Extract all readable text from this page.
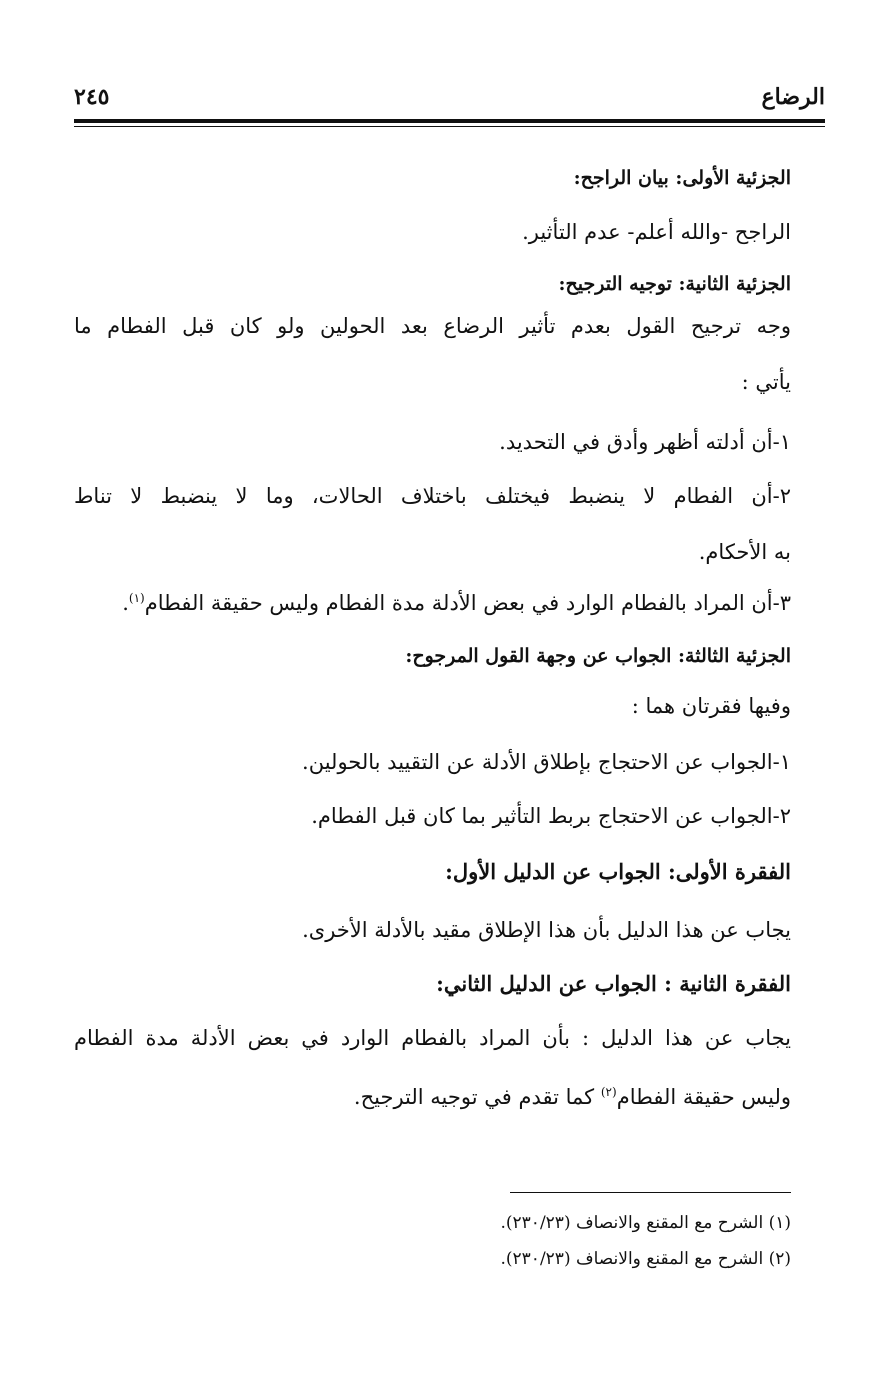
الرضاع
٢٤٥
الجزئية الأولى: بيان الراجح:
الراجح -والله أعلم- عدم التأثير.
الجزئية الثانية: توجيه الترجيح:
وجه ترجيح القول بعدم تأثير الرضاع بعد الحولين ولو كان قبل الفطام ما
يأتي :
١-أن أدلته أظهر وأدق في التحديد.
٢-أن الفطام لا ينضبط فيختلف باختلاف الحالات، وما لا ينضبط لا تناط
به الأحكام.
٣-أن المراد بالفطام الوارد في بعض الأدلة مدة الفطام وليس حقيقة الفطام$^{(١)}$.
الجزئية الثالثة: الجواب عن وجهة القول المرجوح:
وفيها فقرتان هما :
١-الجواب عن الاحتجاج بإطلاق الأدلة عن التقييد بالحولين.
٢-الجواب عن الاحتجاج بربط التأثير بما كان قبل الفطام.
الفقرة الأولى: الجواب عن الدليل الأول:
يجاب عن هذا الدليل بأن هذا الإطلاق مقيد بالأدلة الأخرى.
الفقرة الثانية : الجواب عن الدليل الثاني:
يجاب عن هذا الدليل : بأن المراد بالفطام الوارد في بعض الأدلة مدة الفطام
وليس حقيقة الفطام$^{(٢)}$ كما تقدم في توجيه الترجيح.
(١) الشرح مع المقنع والانصاف (٢٣٠/٢٣).
(٢) الشرح مع المقنع والانصاف (٢٣٠/٢٣).
